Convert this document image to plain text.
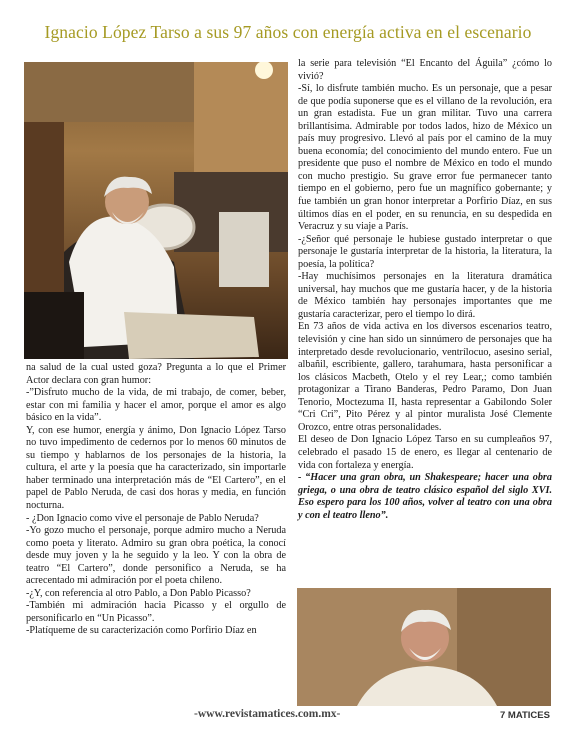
Ignacio López Tarso a sus 97 años con energía activa en el escenario

na salud de la cual usted goza? Pregunta a lo que el Primer Actor declara con gran humor:

-”Disfruto mucho de la vida, de mi trabajo, de comer, beber, estar con mi familia y hacer el amor, porque el amor es algo básico en la vida”.

Y, con ese humor, energía y ánimo, Don Ignacio López Tarso no tuvo impedimento de cedernos por lo menos 60 minutos de su tiempo y hablarnos de los personajes de la historia, la cultura, el arte y la poesía que ha caracterizado, sin importarle haber terminado una interpretación más de “El Cartero”, en el papel de Pablo Neruda, de casi dos horas y media, en función nocturna.

- ¿Don Ignacio como vive el personaje de Pablo Neruda?

-Yo gozo mucho el personaje, porque admiro mucho a Neruda como poeta y literato. Admiro su gran obra poética, la conocí desde muy joven y la he seguido y la leo. Y con la obra de teatro “El Cartero”, donde personifico a Neruda, se ha acrecentado mi admiración por el poeta chileno.

-¿Y, con referencia al otro Pablo, a Don Pablo Picasso?

-También mi admiración hacia Picasso y el orgullo de personificarlo en “Un Picasso”.

-Platíqueme de su caracterización como Porfirio Díaz en

la serie para televisión “El Encanto del Águila” ¿cómo lo vivió?

-Sí, lo disfrute también mucho. Es un personaje, que a pesar de que podía suponerse que es el villano de la revolución, era un gran estadista. Fue un gran militar. Tuvo una carrera brillantísima. Admirable por todos lados, hizo de México un país muy progresivo. Llevó al país por el camino de la muy buena economía; del conocimiento del mundo entero. Fue un presidente que puso el nombre de México en todo el mundo con mucho prestigio. Su grave error fue permanecer tanto tiempo en el gobierno, pero fue un magnífico gobernante; y fue también un gran honor interpretar a Porfirio Díaz, en sus últimos días en el poder, en su renuncia, en su despedida en Veracruz y su viaje a París.

-¿Señor qué personaje le hubiese gustado interpretar o que personaje le gustaría interpretar de la historia, la literatura, la poesía, la política?

-Hay muchísimos personajes en la literatura dramática universal, hay muchos que me gustaría hacer, y de la historia de México también hay personajes importantes que me gustaría caracterizar, pero el tiempo lo dirá.

En 73 años de vida activa en los diversos escenarios teatro, televisión y cine han sido un sinnúmero de personajes que ha interpretado desde revolucionario, ventrílocuo, asesino serial, albañil, escribiente, gallero, tarahumara, hasta personificar a los clásicos Macbeth, Otelo y el rey Lear,; como también protagonizar a Tirano Banderas, Pedro Paramo, Don Juan Tenorio, Moctezuma II, hasta representar a Gabilondo Soler “Cri Cri”, Pito Pérez y al pintor muralista José Clemente Orozco, entre otras personalidades.

El deseo de Don Ignacio López Tarso en su cumpleaños 97, celebrado el pasado 15 de enero, es llegar al centenario de vida con fortaleza y energía.

- “Hacer una gran obra, un Shakespeare; hacer una obra griega, o una obra de teatro clásico español del siglo XVI. Eso espero para los 100 años, volver al teatro con una obra y con el teatro lleno”.

-www.revistamatices.com.mx-	7 MATICES
